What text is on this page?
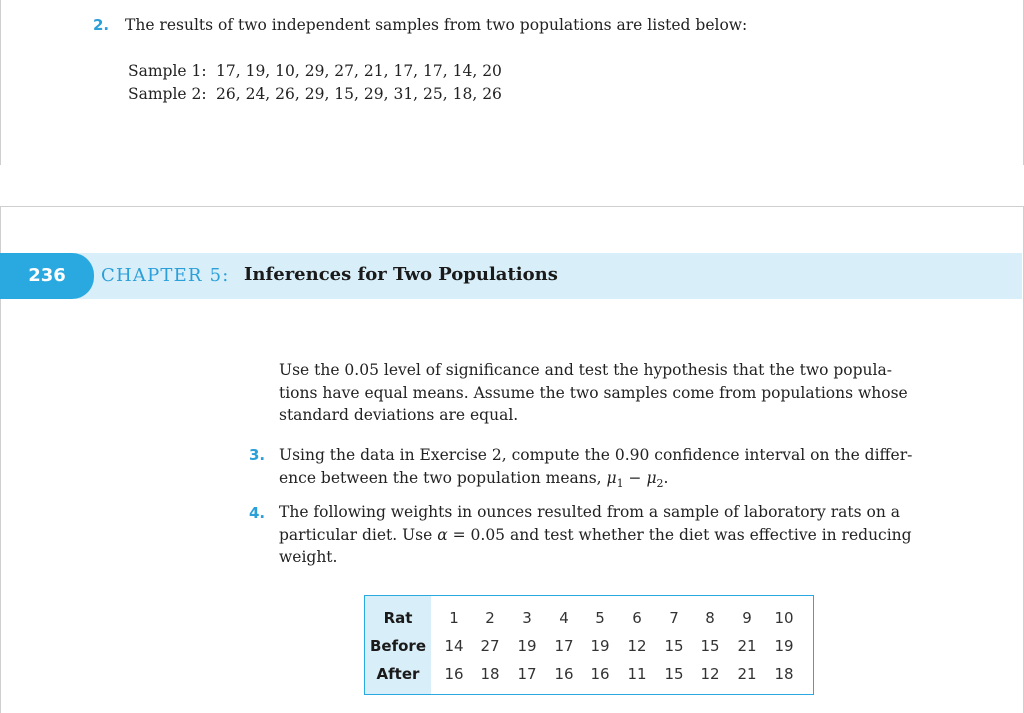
2. The results of two independent samples from two populations are listed below:
Sample 1: 17, 19, 10, 29, 27, 21, 17, 17, 14, 20
Sample 2: 26, 24, 26, 29, 15, 29, 31, 25, 18, 26
236	CHAPTER 5: Inferences for Two Populations
Use the 0.05 level of significance and test the hypothesis that the two popula-
tions have equal means. Assume the two samples come from populations whose
standard deviations are equal.
3. Using the data in Exercise 2, compute the 0.90 confidence interval on the differ-
ence between the two population means, $\mu_1 - \mu_2$.
4. The following weights in ounces resulted from a sample of laboratory rats on a
particular diet. Use α = 0.05 and test whether the diet was effective in reducing
weight.
Rat	1	2	3	4	5	6	7	8	9	10
Before	14	27	19	17	19	12	15	15	21	19
After	16	18	17	16	16	11	15	12	21	18
